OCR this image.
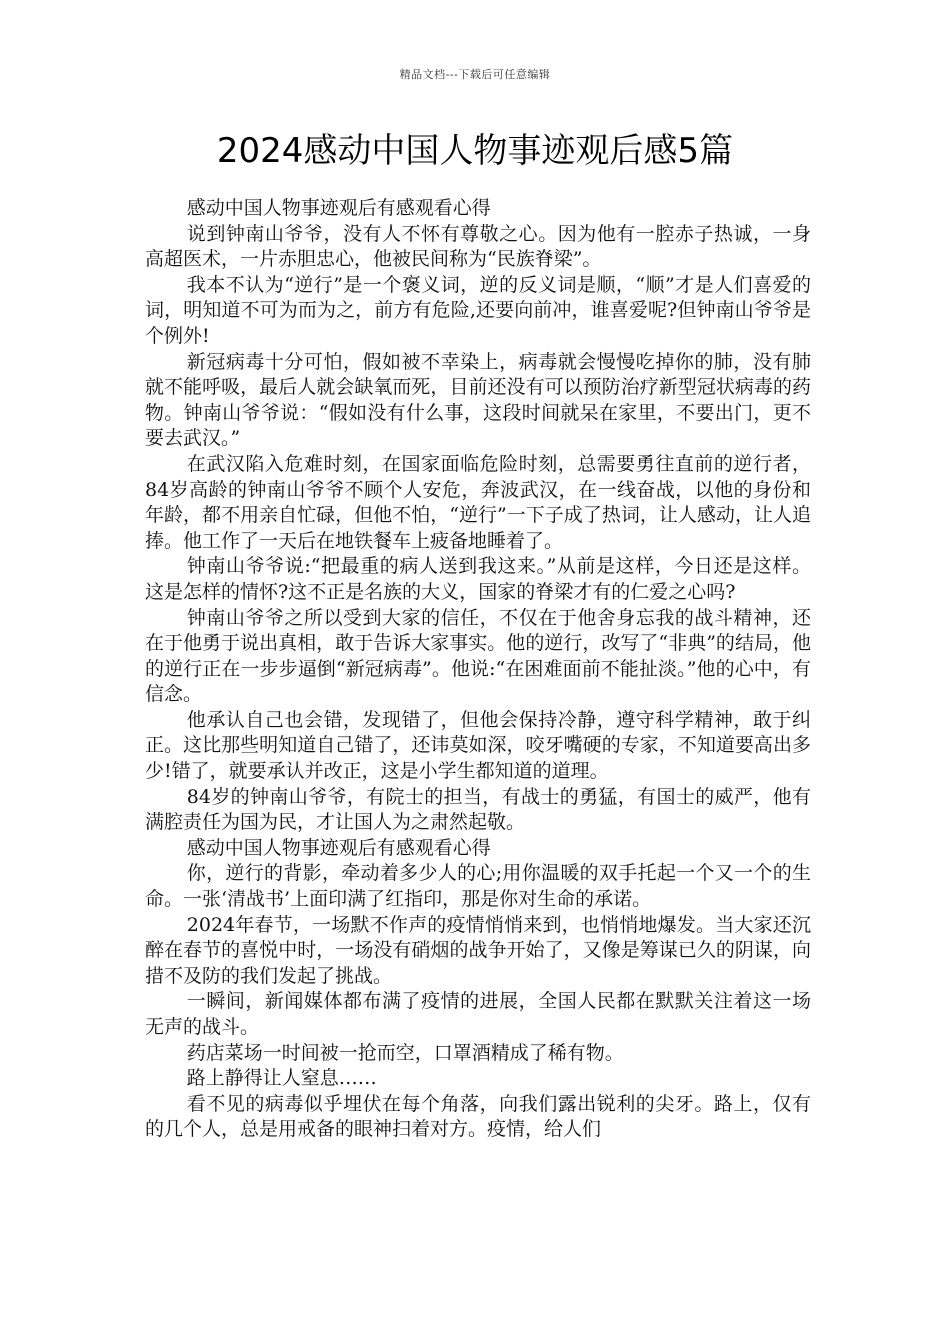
精品文档---下载后可任意编辑
2024感动中国人物事迹观后感5篇

感动中国人物事迹观后有感观看心得

说到钟南山爷爷，没有人不怀有尊敬之心。因为他有一腔赤子热诚，一身高超医术，一片赤胆忠心，他被民间称为“民族脊梁”。

我本不认为“逆行”是一个褒义词，逆的反义词是顺，“顺”才是人们喜爱的词，明知道不可为而为之，前方有危险,还要向前冲，谁喜爱呢?但钟南山爷爷是个例外!

新冠病毒十分可怕，假如被不幸染上，病毒就会慢慢吃掉你的肺，没有肺就不能呼吸，最后人就会缺氧而死，目前还没有可以预防治疗新型冠状病毒的药物。钟南山爷爷说：“假如没有什么事，这段时间就呆在家里，不要出门，更不要去武汉。”

在武汉陷入危难时刻，在国家面临危险时刻，总需要勇往直前的逆行者，84岁高龄的钟南山爷爷不顾个人安危，奔波武汉，在一线奋战，以他的身份和年龄，都不用亲自忙碌，但他不怕，“逆行”一下子成了热词，让人感动，让人追捧。他工作了一天后在地铁餐车上疲备地睡着了。

钟南山爷爷说:“把最重的病人送到我这来。”从前是这样，今日还是这样。这是怎样的情怀?这不正是名族的大义，国家的脊梁才有的仁爱之心吗?

钟南山爷爷之所以受到大家的信任，不仅在于他舍身忘我的战斗精神，还在于他勇于说出真相，敢于告诉大家事实。他的逆行，改写了“非典”的结局，他的逆行正在一步步逼倒“新冠病毒”。他说:“在困难面前不能扯淡。”他的心中，有信念。

他承认自己也会错，发现错了，但他会保持冷静，遵守科学精神，敢于纠正。这比那些明知道自己错了，还讳莫如深，咬牙嘴硬的专家，不知道要高出多少!错了，就要承认并改正，这是小学生都知道的道理。

84岁的钟南山爷爷，有院士的担当，有战士的勇猛，有国士的威严，他有满腔责任为国为民，才让国人为之肃然起敬。

感动中国人物事迹观后有感观看心得

你，逆行的背影，牵动着多少人的心;用你温暖的双手托起一个又一个的生命。一张‘清战书’上面印满了红指印，那是你对生命的承诺。

2024年春节，一场默不作声的疫情悄悄来到，也悄悄地爆发。当大家还沉醉在春节的喜悦中时，一场没有硝烟的战争开始了，又像是筹谋已久的阴谋，向措不及防的我们发起了挑战。

一瞬间，新闻媒体都布满了疫情的进展，全国人民都在默默关注着这一场无声的战斗。

药店菜场一时间被一抢而空，口罩酒精成了稀有物。

路上静得让人窒息……

看不见的病毒似乎埋伏在每个角落，向我们露出锐利的尖牙。路上，仅有的几个人，总是用戒备的眼神扫着对方。疫情，给人们
